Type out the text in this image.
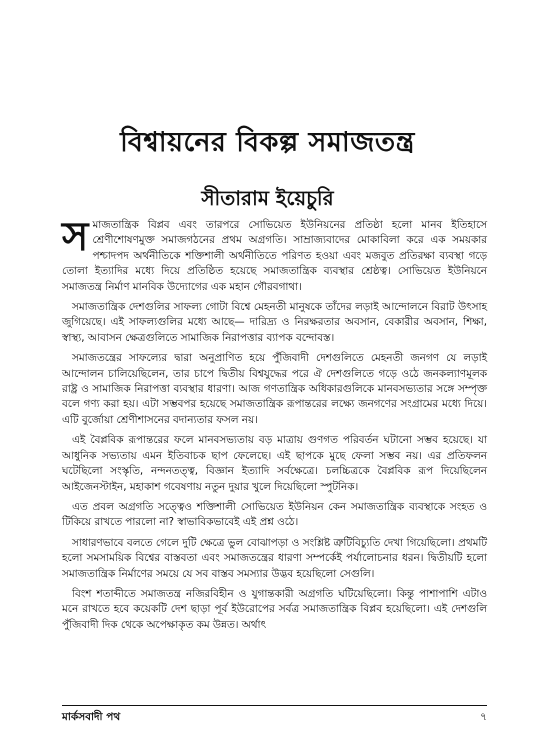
বিশ্বায়নের বিকল্প সমাজতন্ত্র
সীতারাম ইয়েচুরি

সমাজতান্ত্রিক বিপ্লব এবং তারপরে সোভিয়েত ইউনিয়নের প্রতিষ্ঠা হলো মানব ইতিহাসে শ্রেণীশোষণমুক্ত সমাজগঠনের প্রথম অগ্রগতি। সাম্রাজ্যবাদের মোকাবিলা করে এক সময়কার পশ্চাদপদ অর্থনীতিকে শক্তিশালী অর্থনীতিতে পরিণত হওয়া এবং মজবুত প্রতিরক্ষা ব্যবস্থা গড়ে তোলা ইত্যাদির মধ্যে দিয়ে প্রতিষ্ঠিত হয়েছে সমাজতান্ত্রিক ব্যবস্থার শ্রেষ্ঠত্ব। সোভিয়েত ইউনিয়নে সমাজতন্ত্র নির্মাণ মানবিক উদ্যোগের এক মহান গৌরবগাথা।

সমাজতান্ত্রিক দেশগুলির সাফল্য গোটা বিশ্বে মেহনতী মানুষকে তাঁদের লড়াই আন্দোলনে বিরাট উৎসাহ জুগিয়েছে। এই সাফল্যগুলির মধ্যে আছে— দারিদ্র্য ও নিরক্ষরতার অবসান, বেকারীর অবসান, শিক্ষা, স্বাস্থ্য, আবাসন ক্ষেত্রগুলিতে সামাজিক নিরাপত্তার ব্যাপক বন্দোবস্ত।

সমাজতন্ত্রের সাফল্যের দ্বারা অনুপ্রাণিত হয়ে পুঁজিবাদী দেশগুলিতে মেহনতী জনগণ যে লড়াই আন্দোলন চালিয়েছিলেন, তার চাপে দ্বিতীয় বিশ্বযুদ্ধের পরে ঐ দেশগুলিতে গড়ে ওঠে জনকল্যাণমূলক রাষ্ট্র ও সামাজিক নিরাপত্তা ব্যবস্থার ধারণা। আজ গণতান্ত্রিক অধিকারগুলিকে মানবসভ্যতার সঙ্গে সম্পৃক্ত বলে গণ্য করা হয়। এটা সম্ভবপর হয়েছে সমাজতান্ত্রিক রূপান্তরের লক্ষ্যে জনগণের সংগ্রামের মধ্যে দিয়ে। এটি বুর্জোয়া শ্রেণীশাসনের বদান্যতার ফসল নয়।

এই বৈপ্লবিক রূপান্তরের ফলে মানবসভ্যতায় বড় মাত্রায় গুণগত পরিবর্তন ঘটানো সম্ভব হয়েছে। যা আধুনিক সভ্যতায় এমন ইতিবাচক ছাপ ফেলেছে। এই ছাপকে মুছে ফেলা সম্ভব নয়। এর প্রতিফলন ঘটেছিলো সংস্কৃতি, নন্দনতত্ত্ব, বিজ্ঞান ইত্যাদি সর্বক্ষেত্রে। চলচ্চিত্রকে বৈপ্লবিক রূপ দিয়েছিলেন আইজেনস্টাইন, মহাকাশ গবেষণায় নতুন দুয়ার খুলে দিয়েছিলো স্পুটনিক।

এত প্রবল অগ্রগতি সত্ত্বেও শক্তিশালী সোভিয়েত ইউনিয়ন কেন সমাজতান্ত্রিক ব্যবস্থাকে সংহত ও টিকিয়ে রাখতে পারলো না? স্বাভাবিকভাবেই এই প্রশ্ন ওঠে।

সাধারণভাবে বলতে গেলে দুটি ক্ষেত্রে ভুল বোঝাপড়া ও সংশ্লিষ্ট ত্রুটিবিচ্যুতি দেখা গিয়েছিলো। প্রথমটি হলো সমসাময়িক বিশ্বের বাস্তবতা এবং সমাজতন্ত্রের ধারণা সম্পর্কেই পর্যালোচনার ধরন। দ্বিতীয়টি হলো সমাজতান্ত্রিক নির্মাণের সময়ে যে সব বাস্তব সমস্যার উদ্ভব হয়েছিলো সেগুলি।

বিংশ শতাব্দীতে সমাজতন্ত্র নজিরবিহীন ও যুগান্তকারী অগ্রগতি ঘটিয়েছিলো। কিন্তু পাশাপাশি এটাও মনে রাখতে হবে কয়েকটি দেশ ছাড়া পূর্ব ইউরোপের সর্বত্র সমাজতান্ত্রিক বিপ্লব হয়েছিলো। এই দেশগুলি পুঁজিবাদী দিক থেকে অপেক্ষাকৃত কম উন্নত। অর্থাৎ

মার্কসবাদী পথ	৭
